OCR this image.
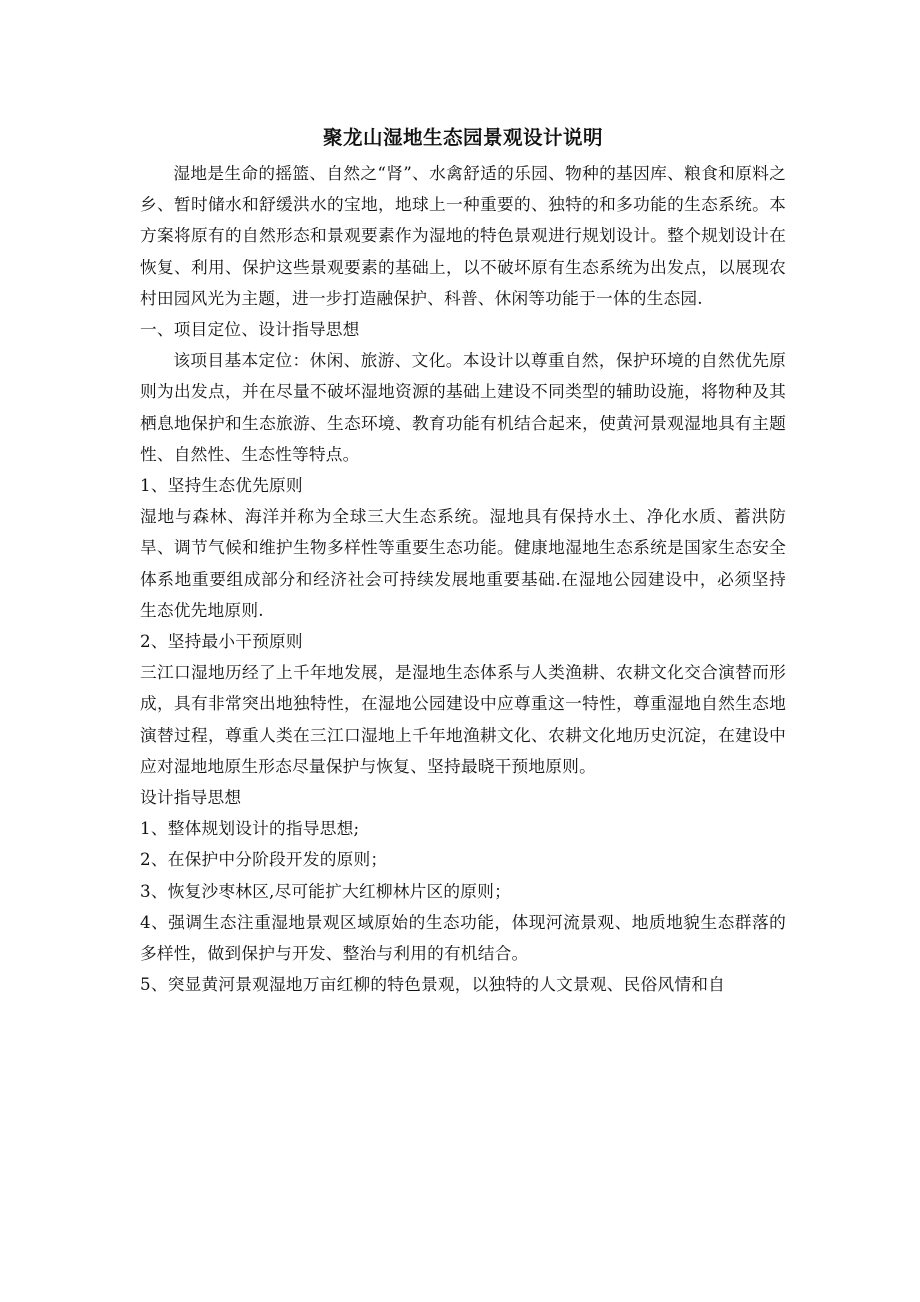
聚龙山湿地生态园景观设计说明

湿地是生命的摇篮、自然之“肾”、水禽舒适的乐园、物种的基因库、粮食和原料之乡、暂时储水和舒缓洪水的宝地，地球上一种重要的、独特的和多功能的生态系统。本方案将原有的自然形态和景观要素作为湿地的特色景观进行规划设计。整个规划设计在恢复、利用、保护这些景观要素的基础上，以不破坏原有生态系统为出发点，以展现农村田园风光为主题，进一步打造融保护、科普、休闲等功能于一体的生态园.

一、项目定位、设计指导思想

该项目基本定位：休闲、旅游、文化。本设计以尊重自然，保护环境的自然优先原则为出发点，并在尽量不破坏湿地资源的基础上建设不同类型的辅助设施，将物种及其栖息地保护和生态旅游、生态环境、教育功能有机结合起来，使黄河景观湿地具有主题性、自然性、生态性等特点。

1、坚持生态优先原则

湿地与森林、海洋并称为全球三大生态系统。湿地具有保持水土、净化水质、蓄洪防旱、调节气候和维护生物多样性等重要生态功能。健康地湿地生态系统是国家生态安全体系地重要组成部分和经济社会可持续发展地重要基础.在湿地公园建设中，必须坚持生态优先地原则.

2、坚持最小干预原则

三江口湿地历经了上千年地发展，是湿地生态体系与人类渔耕、农耕文化交合演替而形成，具有非常突出地独特性，在湿地公园建设中应尊重这一特性，尊重湿地自然生态地演替过程，尊重人类在三江口湿地上千年地渔耕文化、农耕文化地历史沉淀，在建设中应对湿地地原生形态尽量保护与恢复、坚持最晓干预地原则。

设计指导思想

1、整体规划设计的指导思想;

2、在保护中分阶段开发的原则；

3、恢复沙枣林区,尽可能扩大红柳林片区的原则；

4、强调生态注重湿地景观区域原始的生态功能，体现河流景观、地质地貌生态群落的多样性，做到保护与开发、整治与利用的有机结合。

5、突显黄河景观湿地万亩红柳的特色景观，以独特的人文景观、民俗风情和自
